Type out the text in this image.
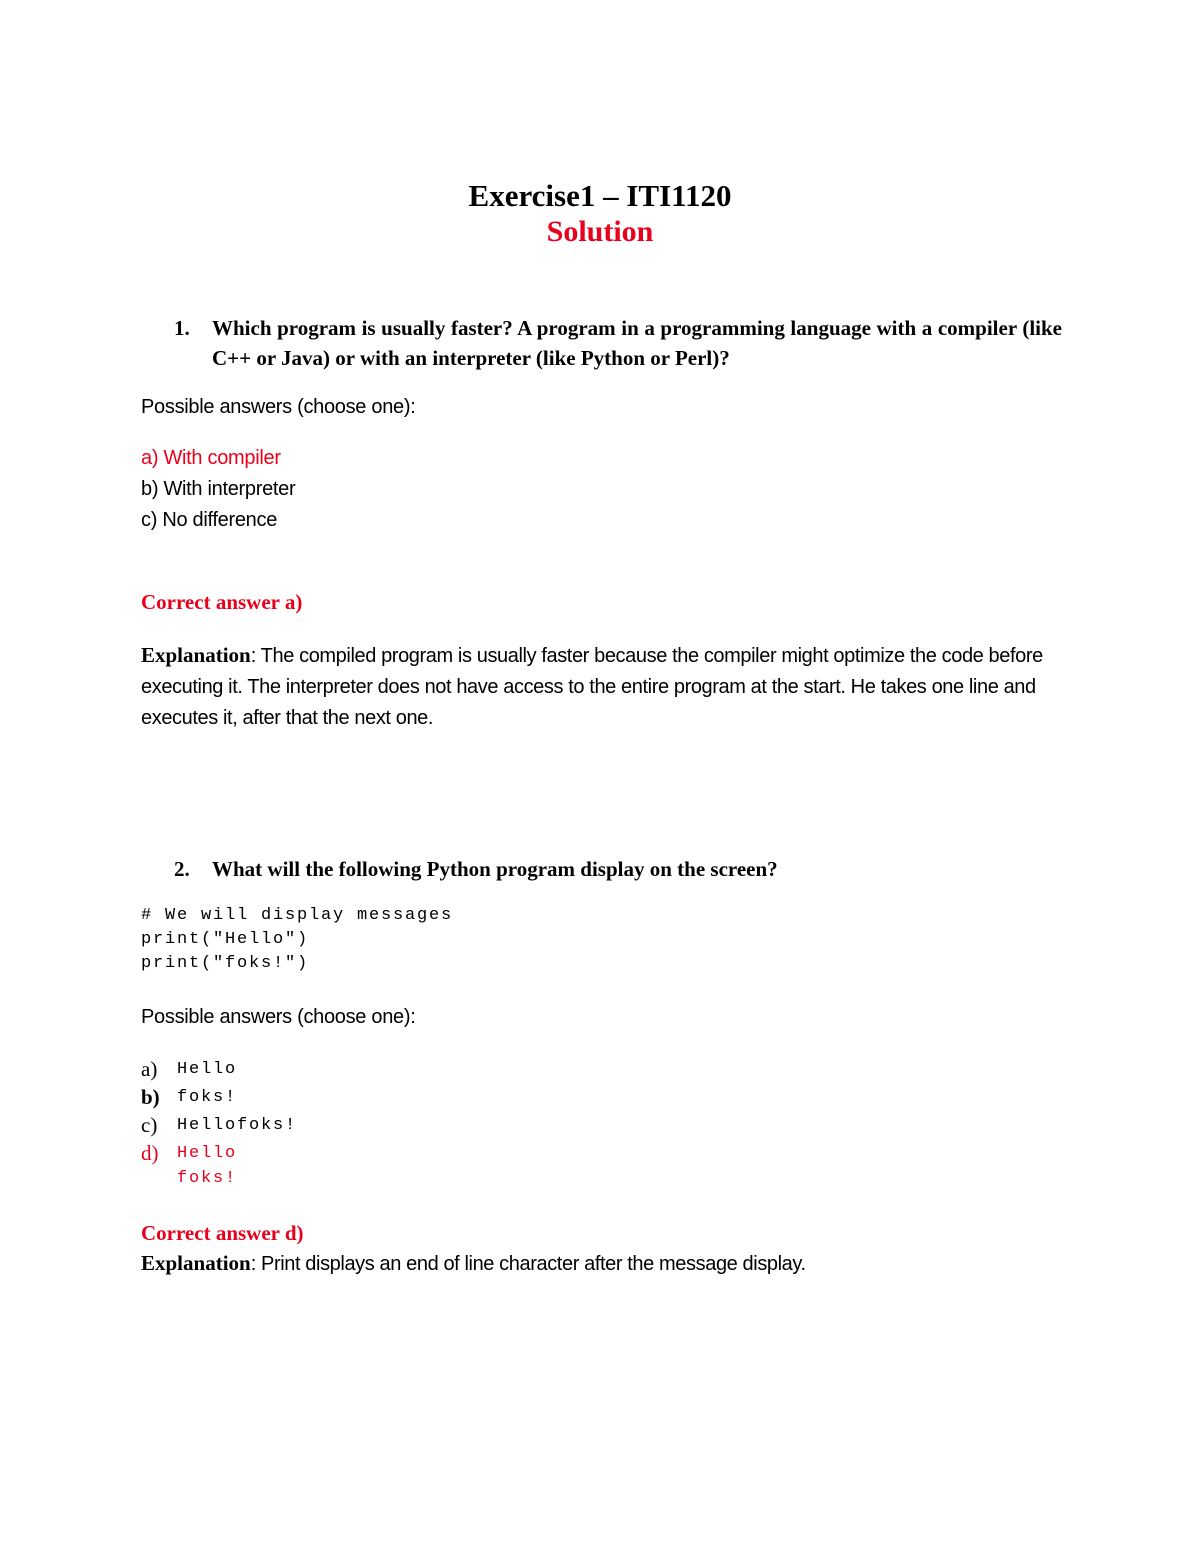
Exercise1 – ITI1120
Solution
1. Which program is usually faster? A program in a programming language with a compiler (like C++ or Java) or with an interpreter (like Python or Perl)?
Possible answers (choose one):
a) With compiler
b) With interpreter
c) No difference
Correct answer a)
Explanation: The compiled program is usually faster because the compiler might optimize the code before executing it. The interpreter does not have access to the entire program at the start. He takes one line and executes it, after that the next one.
2. What will the following Python program display on the screen?
# We will display messages
print("Hello")
print("foks!")
Possible answers (choose one):
a) Hello
b) foks!
c) Hellofoks!
d) Hello
foks!
Correct answer d)
Explanation: Print displays an end of line character after the message display.
